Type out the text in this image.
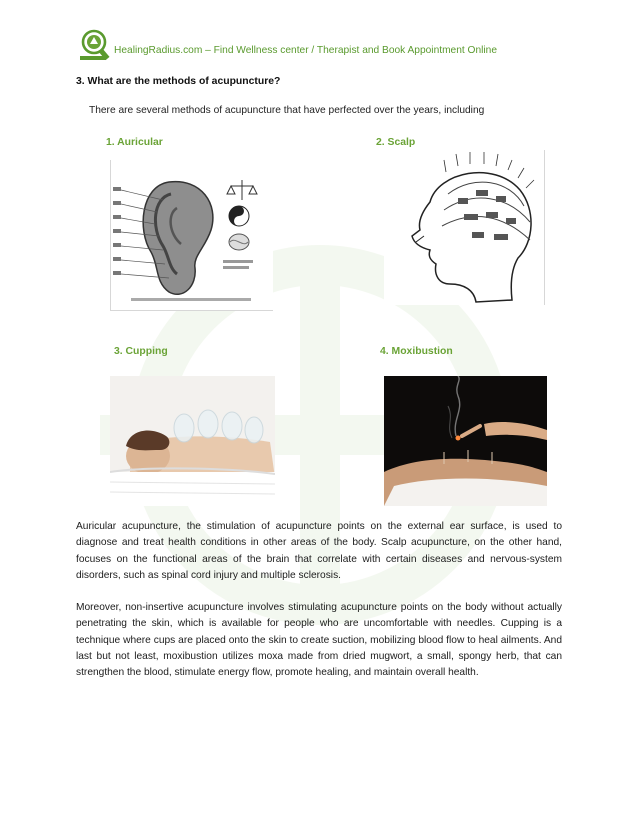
HealingRadius.com – Find Wellness center / Therapist and Book Appointment Online
3. What are the methods of acupuncture?
There are several methods of acupuncture that have perfected over the years, including
1. Auricular	2. Scalp
3. Cupping	4. Moxibustion

Auricular acupuncture, the stimulation of acupuncture points on the external ear surface, is used to diagnose and treat health conditions in other areas of the body. Scalp acupuncture, on the other hand, focuses on the functional areas of the brain that correlate with certain diseases and nervous-system disorders, such as spinal cord injury and multiple sclerosis.

Moreover, non-insertive acupuncture involves stimulating acupuncture points on the body without actually penetrating the skin, which is available for people who are uncomfortable with needles. Cupping is a technique where cups are placed onto the skin to create suction, mobilizing blood flow to heal ailments. And last but not least, moxibustion utilizes moxa made from dried mugwort, a small, spongy herb, that can strengthen the blood, stimulate energy flow, promote healing, and maintain overall health.
